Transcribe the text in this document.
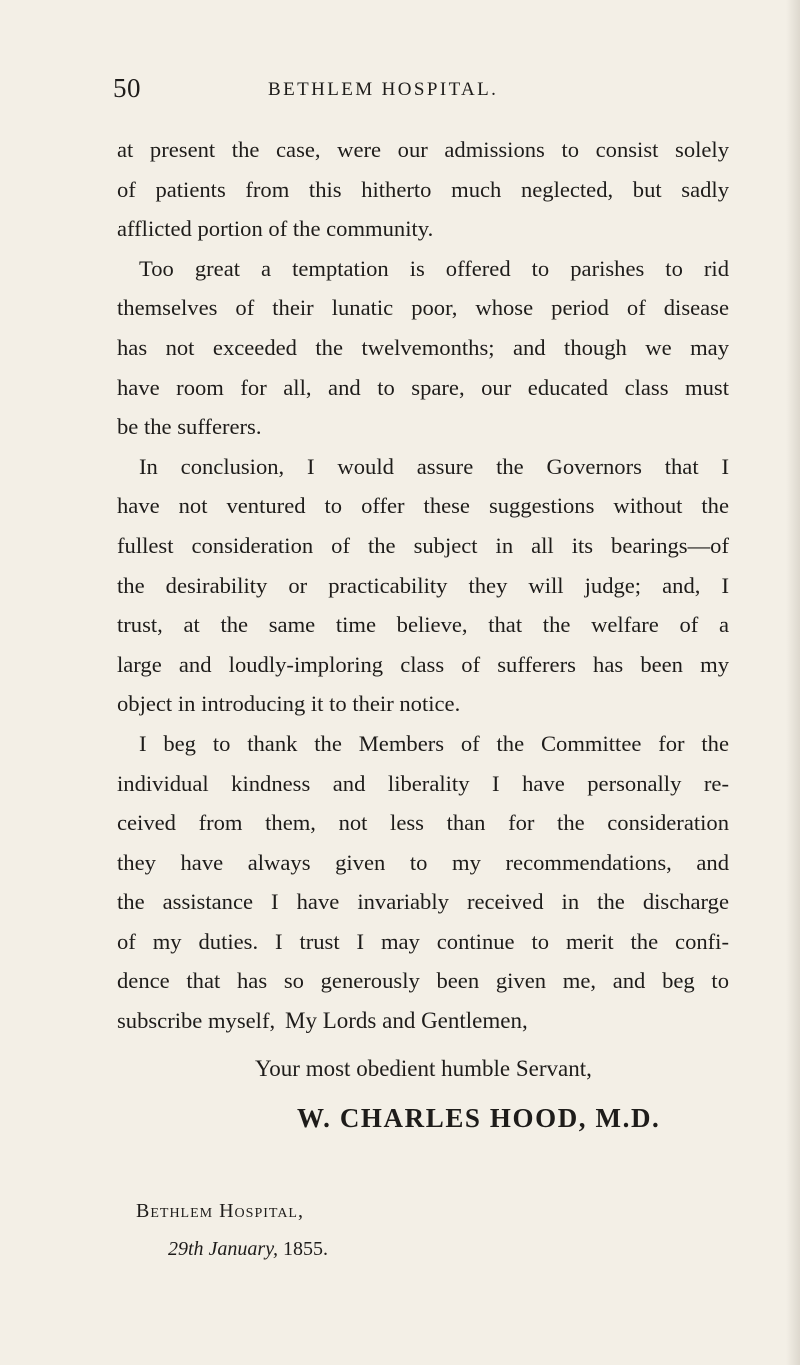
50	BETHLEM HOSPITAL.
at present the case, were our admissions to consist solely
of patients from this hitherto much neglected, but sadly
afflicted portion of the community.
Too great a temptation is offered to parishes to rid
themselves of their lunatic poor, whose period of disease
has not exceeded the twelvemonths; and though we may
have room for all, and to spare, our educated class must
be the sufferers.
In conclusion, I would assure the Governors that I
have not ventured to offer these suggestions without the
fullest consideration of the subject in all its bearings—of
the desirability or practicability they will judge; and, I
trust, at the same time believe, that the welfare of a
large and loudly-imploring class of sufferers has been my
object in introducing it to their notice.
I beg to thank the Members of the Committee for the
individual kindness and liberality I have personally re-
ceived from them, not less than for the consideration
they have always given to my recommendations, and
the assistance I have invariably received in the discharge
of my duties. I trust I may continue to merit the confi-
dence that has so generously been given me, and beg to
subscribe myself, My Lords and Gentlemen,
Your most obedient humble Servant,
W. CHARLES HOOD, M.D.
Bethlem Hospital,
29th January, 1855.
